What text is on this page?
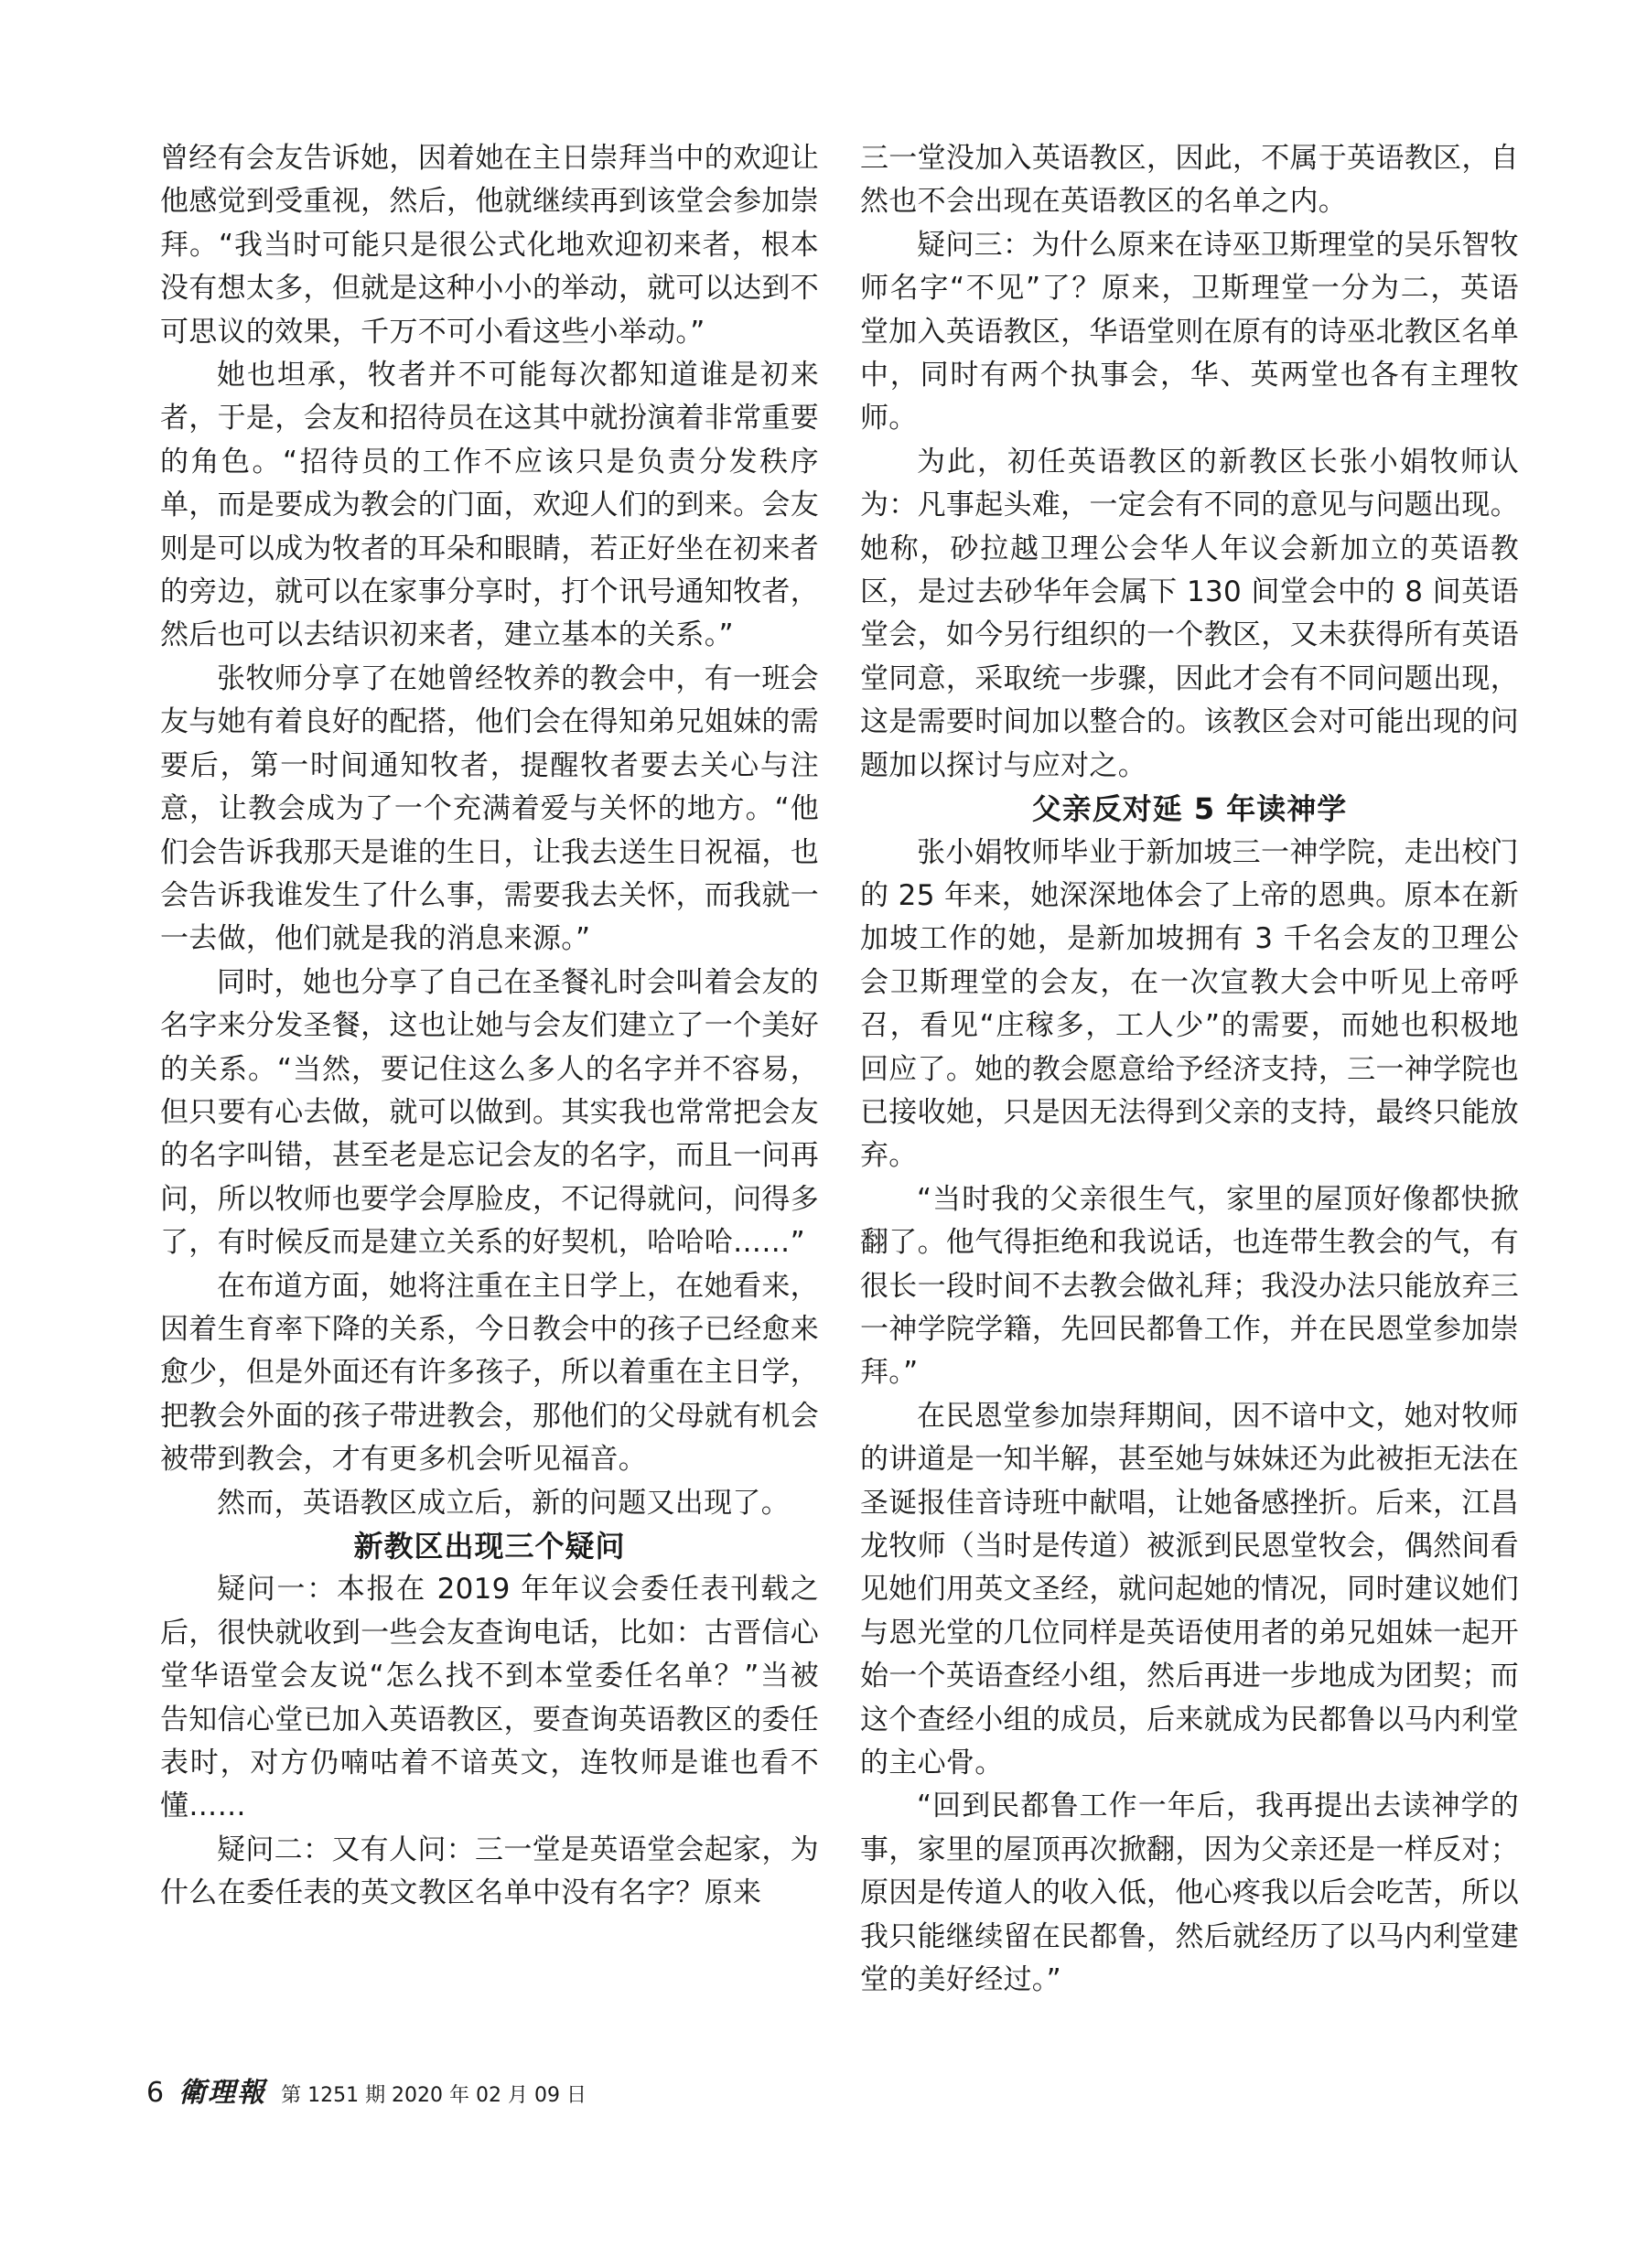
曾经有会友告诉她，因着她在主日崇拜当中的欢迎让他感觉到受重视，然后，他就继续再到该堂会参加崇拜。“我当时可能只是很公式化地欢迎初来者，根本没有想太多，但就是这种小小的举动，就可以达到不可思议的效果，千万不可小看这些小举动。”

她也坦承，牧者并不可能每次都知道谁是初来者，于是，会友和招待员在这其中就扮演着非常重要的角色。“招待员的工作不应该只是负责分发秩序单，而是要成为教会的门面，欢迎人们的到来。会友则是可以成为牧者的耳朵和眼睛，若正好坐在初来者的旁边，就可以在家事分享时，打个讯号通知牧者，然后也可以去结识初来者，建立基本的关系。”

张牧师分享了在她曾经牧养的教会中，有一班会友与她有着良好的配搭，他们会在得知弟兄姐妹的需要后，第一时间通知牧者，提醒牧者要去关心与注意，让教会成为了一个充满着爱与关怀的地方。“他们会告诉我那天是谁的生日，让我去送生日祝福，也会告诉我谁发生了什么事，需要我去关怀，而我就一一去做，他们就是我的消息来源。”

同时，她也分享了自己在圣餐礼时会叫着会友的名字来分发圣餐，这也让她与会友们建立了一个美好的关系。“当然，要记住这么多人的名字并不容易，但只要有心去做，就可以做到。其实我也常常把会友的名字叫错，甚至老是忘记会友的名字，而且一问再问，所以牧师也要学会厚脸皮，不记得就问，问得多了，有时候反而是建立关系的好契机，哈哈哈……”

在布道方面，她将注重在主日学上，在她看来，因着生育率下降的关系，今日教会中的孩子已经愈来愈少，但是外面还有许多孩子，所以着重在主日学，把教会外面的孩子带进教会，那他们的父母就有机会被带到教会，才有更多机会听见福音。

然而，英语教区成立后，新的问题又出现了。

新教区出现三个疑问

疑问一：本报在 2019 年年议会委任表刊载之后，很快就收到一些会友查询电话，比如：古晋信心堂华语堂会友说“怎么找不到本堂委任名单？”当被告知信心堂已加入英语教区，要查询英语教区的委任表时，对方仍喃咕着不谙英文，连牧师是谁也看不懂……

疑问二：又有人问：三一堂是英语堂会起家，为什么在委任表的英文教区名单中没有名字？原来

三一堂没加入英语教区，因此，不属于英语教区，自然也不会出现在英语教区的名单之内。

疑问三：为什么原来在诗巫卫斯理堂的吴乐智牧师名字“不见”了？原来，卫斯理堂一分为二，英语堂加入英语教区，华语堂则在原有的诗巫北教区名单中，同时有两个执事会，华、英两堂也各有主理牧师。

为此，初任英语教区的新教区长张小娟牧师认为：凡事起头难，一定会有不同的意见与问题出现。她称，砂拉越卫理公会华人年议会新加立的英语教区，是过去砂华年会属下 130 间堂会中的 8 间英语堂会，如今另行组织的一个教区，又未获得所有英语堂同意，采取统一步骤，因此才会有不同问题出现，这是需要时间加以整合的。该教区会对可能出现的问题加以探讨与应对之。

父亲反对延 5 年读神学

张小娟牧师毕业于新加坡三一神学院，走出校门的 25 年来，她深深地体会了上帝的恩典。原本在新加坡工作的她，是新加坡拥有 3 千名会友的卫理公会卫斯理堂的会友，在一次宣教大会中听见上帝呼召，看见“庄稼多，工人少”的需要，而她也积极地回应了。她的教会愿意给予经济支持，三一神学院也已接收她，只是因无法得到父亲的支持，最终只能放弃。

“当时我的父亲很生气，家里的屋顶好像都快掀翻了。他气得拒绝和我说话，也连带生教会的气，有很长一段时间不去教会做礼拜；我没办法只能放弃三一神学院学籍，先回民都鲁工作，并在民恩堂参加崇拜。”

在民恩堂参加崇拜期间，因不谙中文，她对牧师的讲道是一知半解，甚至她与妹妹还为此被拒无法在圣诞报佳音诗班中献唱，让她备感挫折。后来，江昌龙牧师（当时是传道）被派到民恩堂牧会，偶然间看见她们用英文圣经，就问起她的情况，同时建议她们与恩光堂的几位同样是英语使用者的弟兄姐妹一起开始一个英语查经小组，然后再进一步地成为团契；而这个查经小组的成员，后来就成为民都鲁以马内利堂的主心骨。

“回到民都鲁工作一年后，我再提出去读神学的事，家里的屋顶再次掀翻，因为父亲还是一样反对；原因是传道人的收入低，他心疼我以后会吃苦，所以我只能继续留在民都鲁，然后就经历了以马内利堂建堂的美好经过。”

6 衛理報 第 1251 期 2020 年 02 月 09 日
